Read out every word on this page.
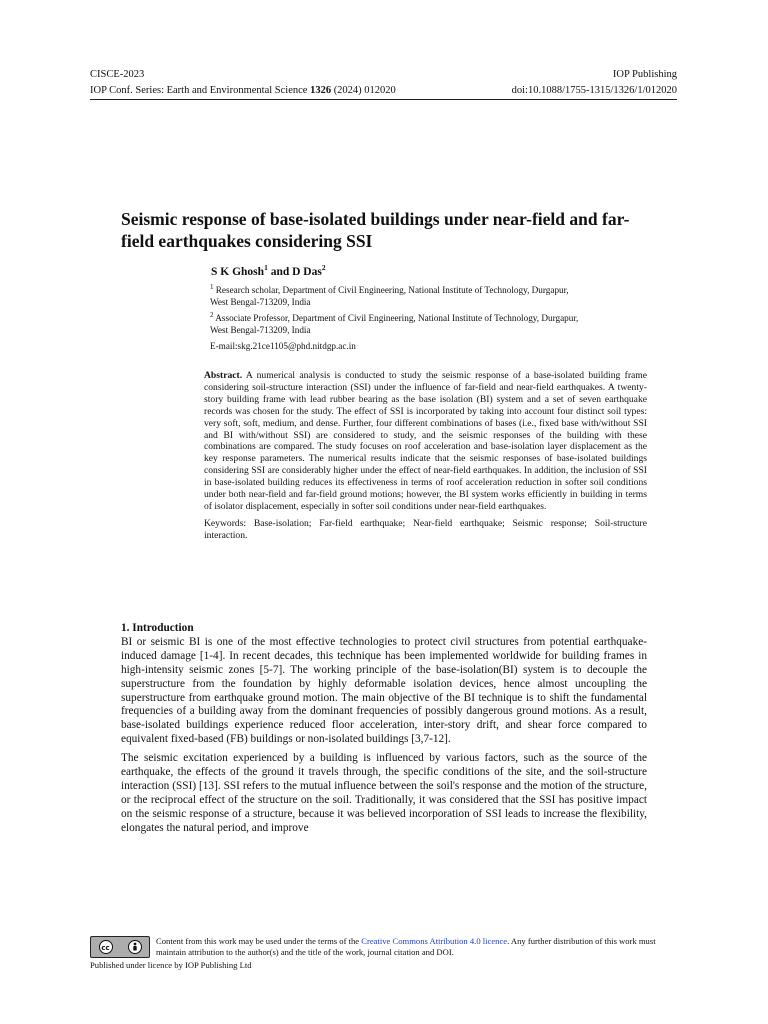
CISCE-2023	IOP Publishing
IOP Conf. Series: Earth and Environmental Science 1326 (2024) 012020	doi:10.1088/1755-1315/1326/1/012020
Seismic response of base-isolated buildings under near-field and far-field earthquakes considering SSI
S K Ghosh$^1$ and D Das$^2$

$^1$ Research scholar, Department of Civil Engineering, National Institute of Technology, Durgapur,

West Bengal-713209, India

$^2$ Associate Professor, Department of Civil Engineering, National Institute of Technology, Durgapur,

West Bengal-713209, India

E-mail:skg.21ce1105@phd.nitdgp.ac.in

Abstract. A numerical analysis is conducted to study the seismic response of a base-isolated building frame considering soil-structure interaction (SSI) under the influence of far-field and near-field earthquakes. A twenty-story building frame with lead rubber bearing as the base isolation (BI) system and a set of seven earthquake records was chosen for the study. The effect of SSI is incorporated by taking into account four distinct soil types: very soft, soft, medium, and dense. Further, four different combinations of bases (i.e., fixed base with/without SSI and BI with/without SSI) are considered to study, and the seismic responses of the building with these combinations are compared. The study focuses on roof acceleration and base-isolation layer displacement as the key response parameters. The numerical results indicate that the seismic responses of base-isolated buildings considering SSI are considerably higher under the effect of near-field earthquakes. In addition, the inclusion of SSI in base-isolated building reduces its effectiveness in terms of roof acceleration reduction in softer soil conditions under both near-field and far-field ground motions; however, the BI system works efficiently in building in terms of isolator displacement, especially in softer soil conditions under near-field earthquakes.

Keywords: Base-isolation; Far-field earthquake; Near-field earthquake; Seismic response; Soil-structure interaction.

1. Introduction

BI or seismic BI is one of the most effective technologies to protect civil structures from potential earthquake-induced damage [1-4]. In recent decades, this technique has been implemented worldwide for building frames in high-intensity seismic zones [5-7]. The working principle of the base-isolation(BI) system is to decouple the superstructure from the foundation by highly deformable isolation devices, hence almost uncoupling the superstructure from earthquake ground motion. The main objective of the BI technique is to shift the fundamental frequencies of a building away from the dominant frequencies of possibly dangerous ground motions. As a result, base-isolated buildings experience reduced floor acceleration, inter-story drift, and shear force compared to equivalent fixed-based (FB) buildings or non-isolated buildings [3,7-12].

The seismic excitation experienced by a building is influenced by various factors, such as the source of the earthquake, the effects of the ground it travels through, the specific conditions of the site, and the soil-structure interaction (SSI) [13]. SSI refers to the mutual influence between the soil's response and the motion of the structure, or the reciprocal effect of the structure on the soil. Traditionally, it was considered that the SSI has positive impact on the seismic response of a structure, because it was believed incorporation of SSI leads to increase the flexibility, elongates the natural period, and improve

cc
Content from this work may be used under the terms of the Creative Commons Attribution 4.0 licence. Any further distribution of this work must maintain attribution to the author(s) and the title of the work, journal citation and DOI.
Published under licence by IOP Publishing Ltd
